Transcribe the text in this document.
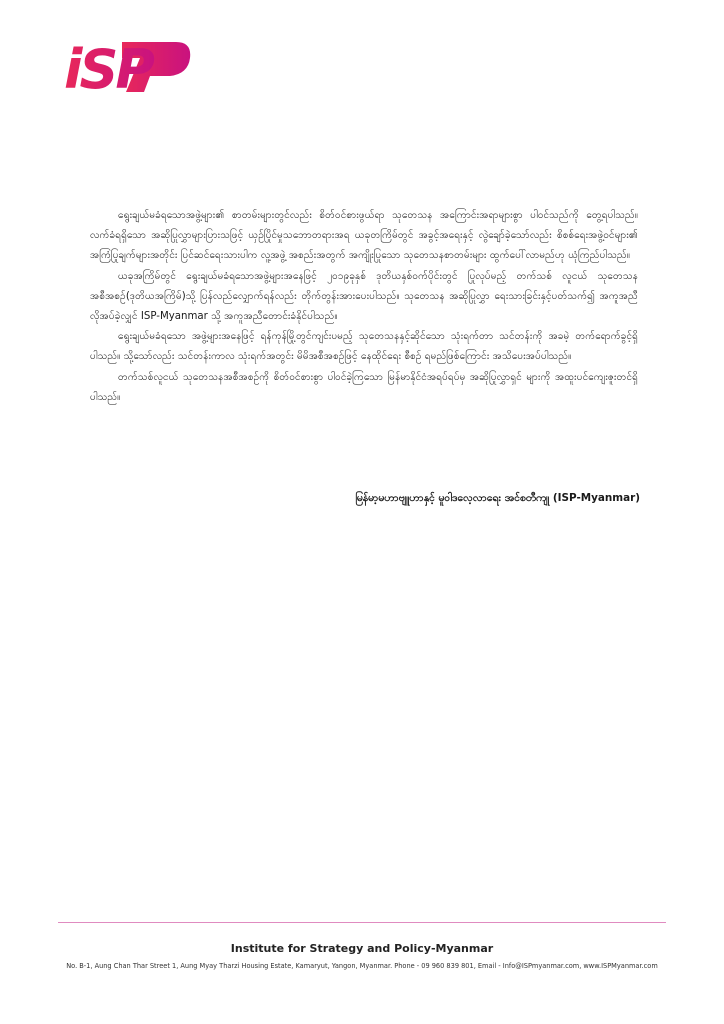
iSP

ရွေးချယ်မခံရသောအဖွဲ့များ၏ စာတမ်းများတွင်လည်း စိတ်ဝင်စားဖွယ်ရာ သုတေသန အကြောင်းအရာများစွာ ပါဝင်သည်ကို တွေ့ရပါသည်။ လက်ခံရရှိသော အဆိုပြုလွှာများပြားသဖြင့် ယှဉ်ပြိုင်မှုသဘောတရားအရ ယခုတကြိမ်တွင် အခွင့်အရေးနှင့် လွဲချော်ခဲ့သော်လည်း စိစစ်ရေးအဖွဲ့ဝင်များ၏ အကြံပြုချက်များအတိုင်း ပြင်ဆင်ရေးသားပါက လူ့အဖွဲ့ အစည်းအတွက် အကျိုးပြုသော သုတေသနစာတမ်းများ ထွက်ပေါ်လာမည်ဟု ယုံကြည်ပါသည်။

ယခုအကြိမ်တွင် ရွေးချယ်မခံရသောအဖွဲ့များအနေဖြင့် ၂၀၁၉ခုနှစ် ဒုတိယနှစ်ဝက်ပိုင်းတွင် ပြုလုပ်မည့် တက်သစ် လူငယ် သုတေသနအစီအစဉ်(ဒုတိယအကြိမ်)သို့ ပြန်လည်လျှောက်ရန်လည်း တိုက်တွန်းအားပေးပါသည်။ သုတေသန အဆိုပြုလွှာ ရေးသားခြင်းနှင့်ပတ်သက်၍ အကူအညီ လိုအပ်ခဲ့လျှင် ISP-Myanmar သို့ အကူအညီတောင်းခံနိုင်ပါသည်။

ရွေးချယ်မခံရသော အဖွဲ့များအနေဖြင့် ရန်ကုန်မြို့တွင်ကျင်းပမည့် သုတေသနနှင့်ဆိုင်သော သုံးရက်တာ သင်တန်းကို အခမဲ့ တက်ရောက်ခွင့်ရှိပါသည်။ သို့သော်လည်း သင်တန်းကာလ သုံးရက်အတွင်း မိမိအစီအစဉ်ဖြင့် နေထိုင်ရေး စီစဉ် ရမည်ဖြစ်ကြောင်း အသိပေးအပ်ပါသည်။

တက်သစ်လူငယ် သုတေသနအစီအစဉ်ကို စိတ်ဝင်စားစွာ ပါဝင်ခဲ့ကြသော မြန်မာနိုင်ငံအရပ်ရပ်မှ အဆိုပြုလွှာရှင် များကို အထူးပင်ကျေးဇူးတင်ရှိပါသည်။

မြန်မာ့မဟာဗျူဟာနှင့် မူဝါဒလေ့လာရေး အင်စတီကျု (ISP-Myanmar)
Institute for Strategy and Policy-Myanmar
No. B-1, Aung Chan Thar Street 1, Aung Myay Tharzi Housing Estate, Kamaryut, Yangon, Myanmar. Phone - 09 960 839 801, Email - Info@ISPmyanmar.com, www.ISPMyanmar.com
